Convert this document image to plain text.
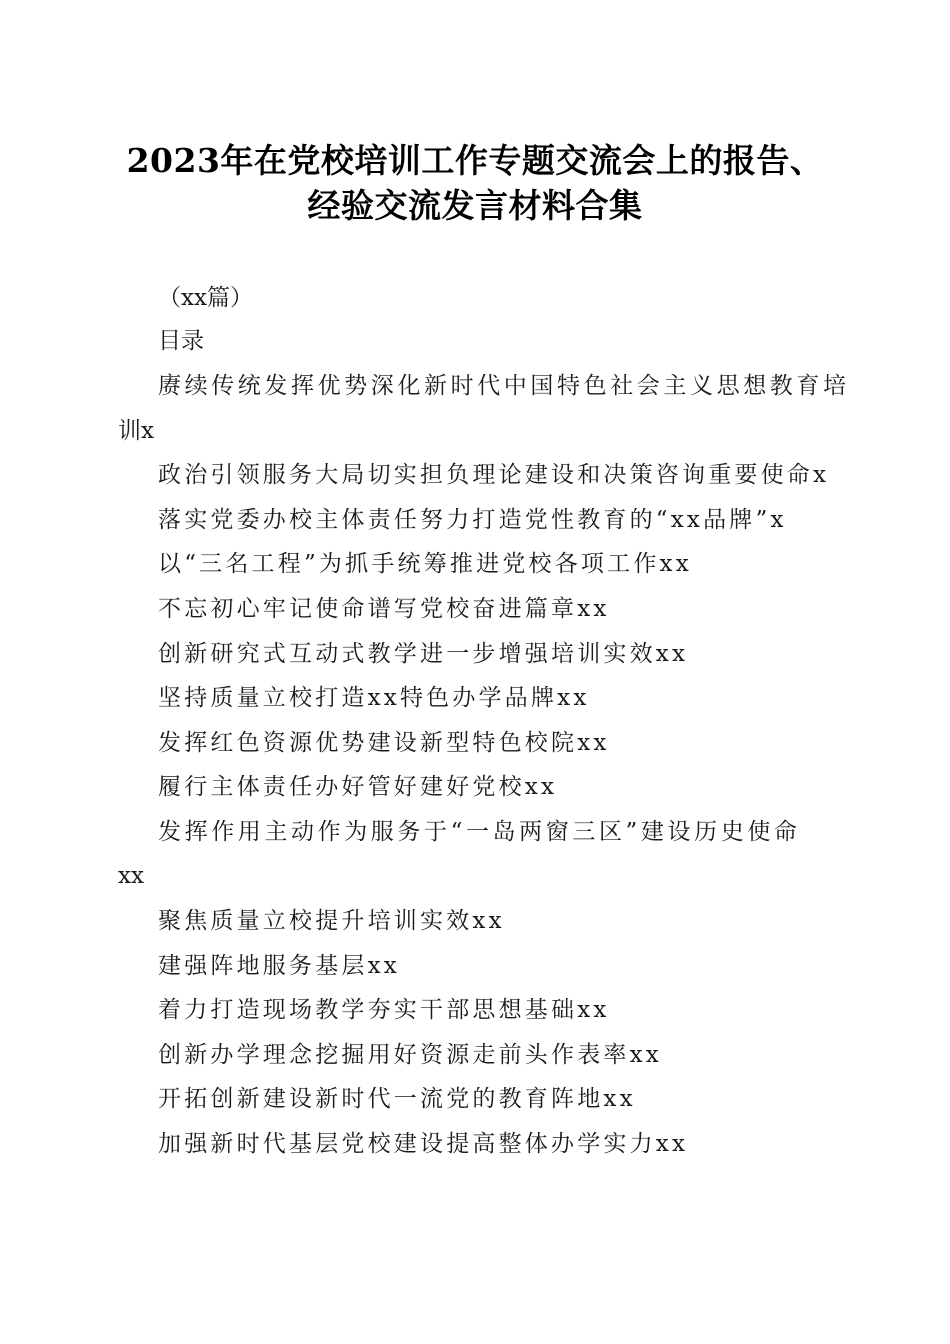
2023年在党校培训工作专题交流会上的报告、
经验交流发言材料合集
（xx篇）
目录
赓续传统发挥优势深化新时代中国特色社会主义思想教育培
训x
政治引领服务大局切实担负理论建设和决策咨询重要使命x
落实党委办校主体责任努力打造党性教育的“xx品牌”x
以“三名工程”为抓手统筹推进党校各项工作xx
不忘初心牢记使命谱写党校奋进篇章xx
创新研究式互动式教学进一步增强培训实效xx
坚持质量立校打造xx特色办学品牌xx
发挥红色资源优势建设新型特色校院xx
履行主体责任办好管好建好党校xx
发挥作用主动作为服务于“一岛两窗三区”建设历史使命
xx
聚焦质量立校提升培训实效xx
建强阵地服务基层xx
着力打造现场教学夯实干部思想基础xx
创新办学理念挖掘用好资源走前头作表率xx
开拓创新建设新时代一流党的教育阵地xx
加强新时代基层党校建设提高整体办学实力xx
